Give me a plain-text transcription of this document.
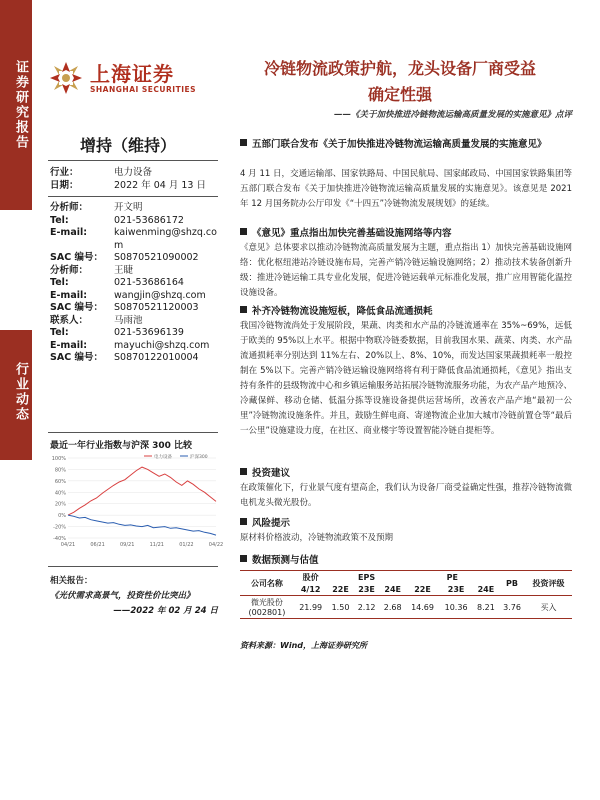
证券研究报告
行业动态
上海证券
SHANGHAI SECURITIES
冷链物流政策护航，龙头设备厂商受益
确定性强
——《关于加快推进冷链物流运输高质量发展的实施意见》点评
增持（维持）
行业：	电力设备
日期：	2022 年 04 月 13 日
分析师：	开文明
Tel:	021-53686172
E-mail:	kaiwenming@shzq.com
SAC 编号：	S0870521090002
分析师：	王睫
Tel:	021-53686164
E-mail:	wangjin@shzq.com
SAC 编号：	S0870521120003
联系人：	马雨池
Tel:	021-53696139
E-mail:	mayuchi@shzq.com
SAC 编号：	S0870122010004
最近一年行业指数与沪深 300 比较
-40%
-20%
0%
20%
40%
60%
80%
100%
04/21	06/21	09/21	11/21	01/22	04/22
电力设备	沪深300
相关报告：
《光伏需求高景气，投资性价比突出》
——2022 年 02 月 24 日
五部门联合发布《关于加快推进冷链物流运输高质量发展的实施意见》
4 月 11 日，交通运输部、国家铁路局、中国民航局、国家邮政局、中国国家铁路集团等五部门联合发布《关于加快推进冷链物流运输高质量发展的实施意见》。该意见是 2021 年 12 月国务院办公厅印发《“十四五”冷链物流发展规划》的延续。
《意见》重点指出加快完善基础设施网络等内容
《意见》总体要求以推动冷链物流高质量发展为主题，重点指出 1）加快完善基础设施网络：优化枢纽港站冷链设施布局，完善产销冷链运输设施网络；2）推动技术装备创新升级：推进冷链运输工具专业化发展，促进冷链运载单元标准化发展，推广应用智能化温控设施设备。
补齐冷链物流设施短板，降低食品流通损耗
我国冷链物流尚处于发展阶段，果蔬、肉类和水产品的冷链流通率在 35%~69%，远低于欧美的 95%以上水平。根据中物联冷链委数据，目前我国水果、蔬菜、肉类、水产品流通损耗率分别达到 11%左右、20%以上、8%、10%，而发达国家果蔬损耗率一般控制在 5%以下。完善产销冷链运输设施网络将有利于降低食品流通损耗，《意见》指出支持有条件的县级物流中心和乡镇运输服务站拓展冷链物流服务功能，为农产品产地预冷、冷藏保鲜、移动仓储、低温分拣等设施设备提供运营场所，改善农产品产地“最初一公里”冷链物流设施条件。并且，鼓励生鲜电商、寄递物流企业加大城市冷链前置仓等“最后一公里”设施建设力度，在社区、商业楼宇等设置智能冷链自提柜等。
投资建议
在政策催化下，行业景气度有望高企，我们认为设备厂商受益确定性强，推荐冷链物流微电机龙头微光股份。
风险提示
原材料价格波动，冷链物流政策不及预期
数据预测与估值
公司名称	股价	EPS			PE			PB	投资评级
	4/12	22E	23E	24E	22E	23E	24E		

微光股份
(002801)	21.99	1.50	2.12	2.68	14.69	10.36	8.21	3.76	买入
资料来源：Wind，上海证券研究所
